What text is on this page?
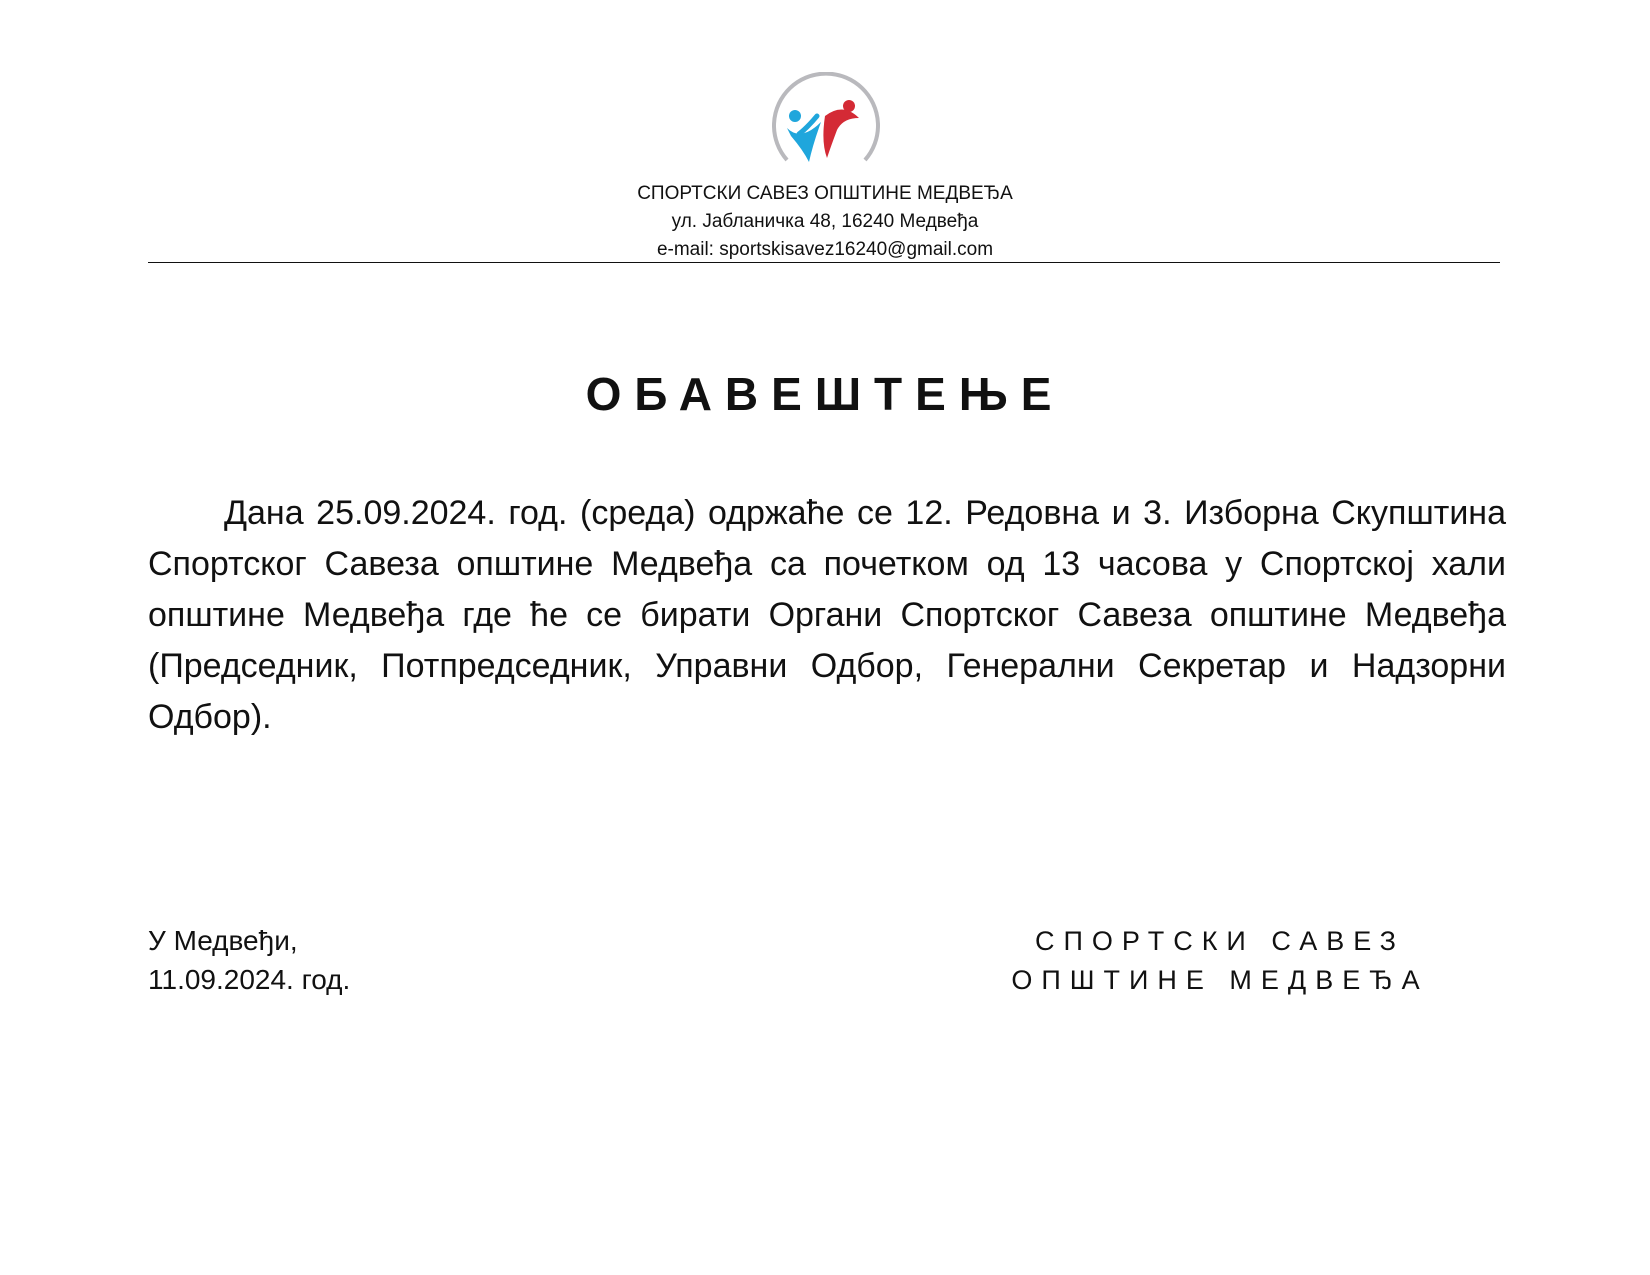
СПОРТСКИ САВЕЗ ОПШТИНЕ МЕДВЕЂА
ул. Јабланичка 48, 16240 Медвеђа
e-mail: sportskisavez16240@gmail.com
ОБАВЕШТЕЊЕ
Дана 25.09.2024. год. (среда) одржаће се 12. Редовна и 3. Изборна Скупштина Спортског Савеза општине Медвеђа са почетком од 13 часова у Спортској хали општине Медвеђа где ће се бирати Органи Спортског Савеза општине Медвеђа (Председник, Потпредседник, Управни Одбор, Генерални Секретар и Надзорни Одбор).
У Медвеђи,
11.09.2024. год.
СПОРТСКИ САВЕЗ
ОПШТИНЕ МЕДВЕЂА
